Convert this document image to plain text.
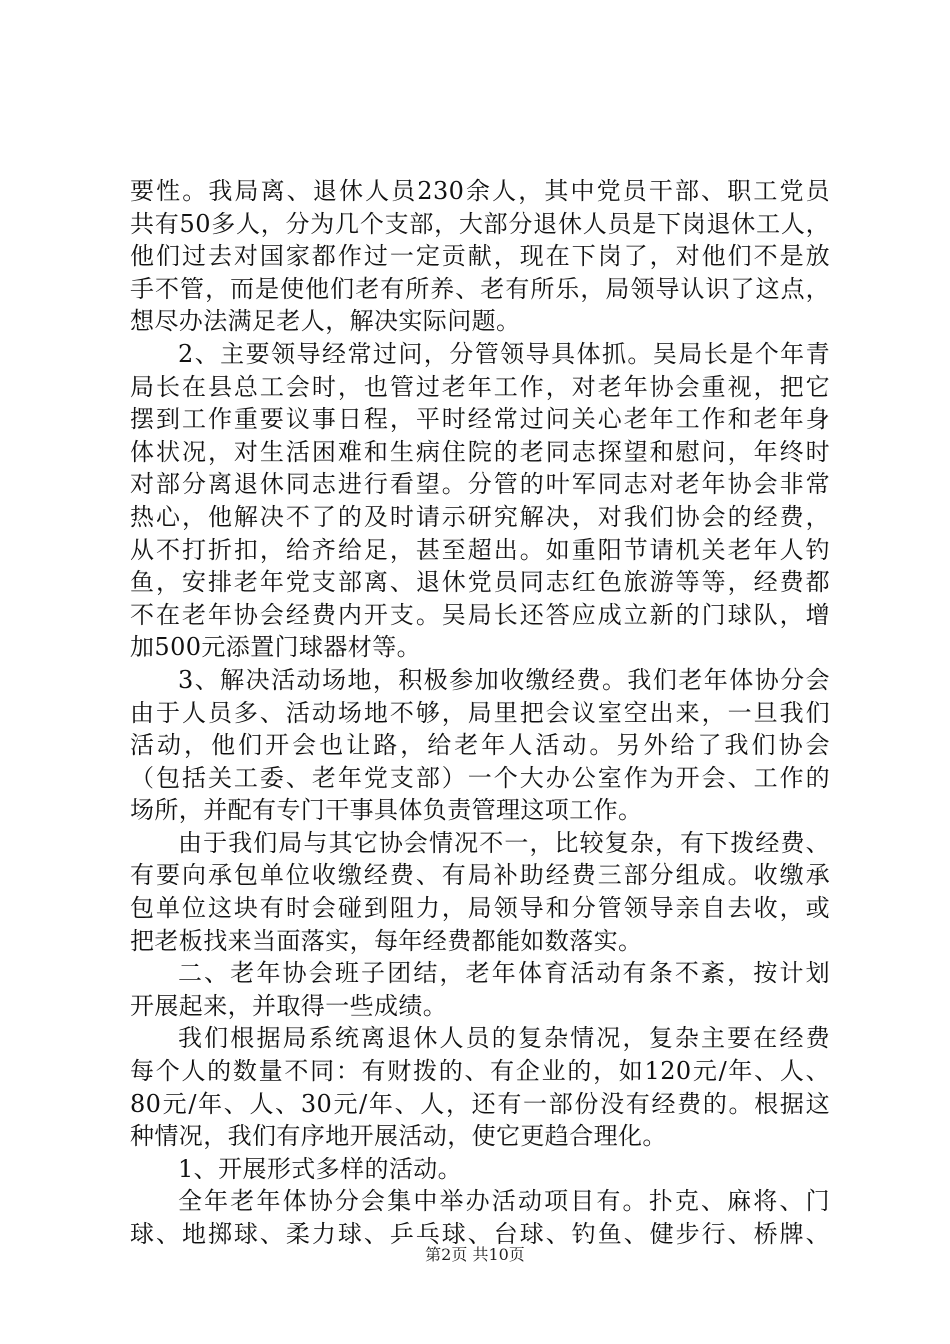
要性。我局离、退休人员230余人，其中党员干部、职工党员
共有50多人，分为几个支部，大部分退休人员是下岗退休工人，
他们过去对国家都作过一定贡献，现在下岗了，对他们不是放
手不管，而是使他们老有所养、老有所乐，局领导认识了这点，
想尽办法满足老人，解决实际问题。
2、主要领导经常过问，分管领导具体抓。吴局长是个年青
局长在县总工会时，也管过老年工作，对老年协会重视，把它
摆到工作重要议事日程，平时经常过问关心老年工作和老年身
体状况，对生活困难和生病住院的老同志探望和慰问，年终时
对部分离退休同志进行看望。分管的叶军同志对老年协会非常
热心，他解决不了的及时请示研究解决，对我们协会的经费，
从不打折扣，给齐给足，甚至超出。如重阳节请机关老年人钓
鱼，安排老年党支部离、退休党员同志红色旅游等等，经费都
不在老年协会经费内开支。吴局长还答应成立新的门球队，增
加500元添置门球器材等。
3、解决活动场地，积极参加收缴经费。我们老年体协分会
由于人员多、活动场地不够，局里把会议室空出来，一旦我们
活动，他们开会也让路，给老年人活动。另外给了我们协会
（包括关工委、老年党支部）一个大办公室作为开会、工作的
场所，并配有专门干事具体负责管理这项工作。
由于我们局与其它协会情况不一，比较复杂，有下拨经费、
有要向承包单位收缴经费、有局补助经费三部分组成。收缴承
包单位这块有时会碰到阻力，局领导和分管领导亲自去收，或
把老板找来当面落实，每年经费都能如数落实。
二、老年协会班子团结，老年体育活动有条不紊，按计划
开展起来，并取得一些成绩。
我们根据局系统离退休人员的复杂情况，复杂主要在经费
每个人的数量不同：有财拨的、有企业的，如120元/年、人、
80元/年、人、30元/年、人，还有一部份没有经费的。根据这
种情况，我们有序地开展活动，使它更趋合理化。
1、开展形式多样的活动。
全年老年体协分会集中举办活动项目有。扑克、麻将、门
球、地掷球、柔力球、乒乓球、台球、钓鱼、健步行、桥牌、
第2页 共10页
